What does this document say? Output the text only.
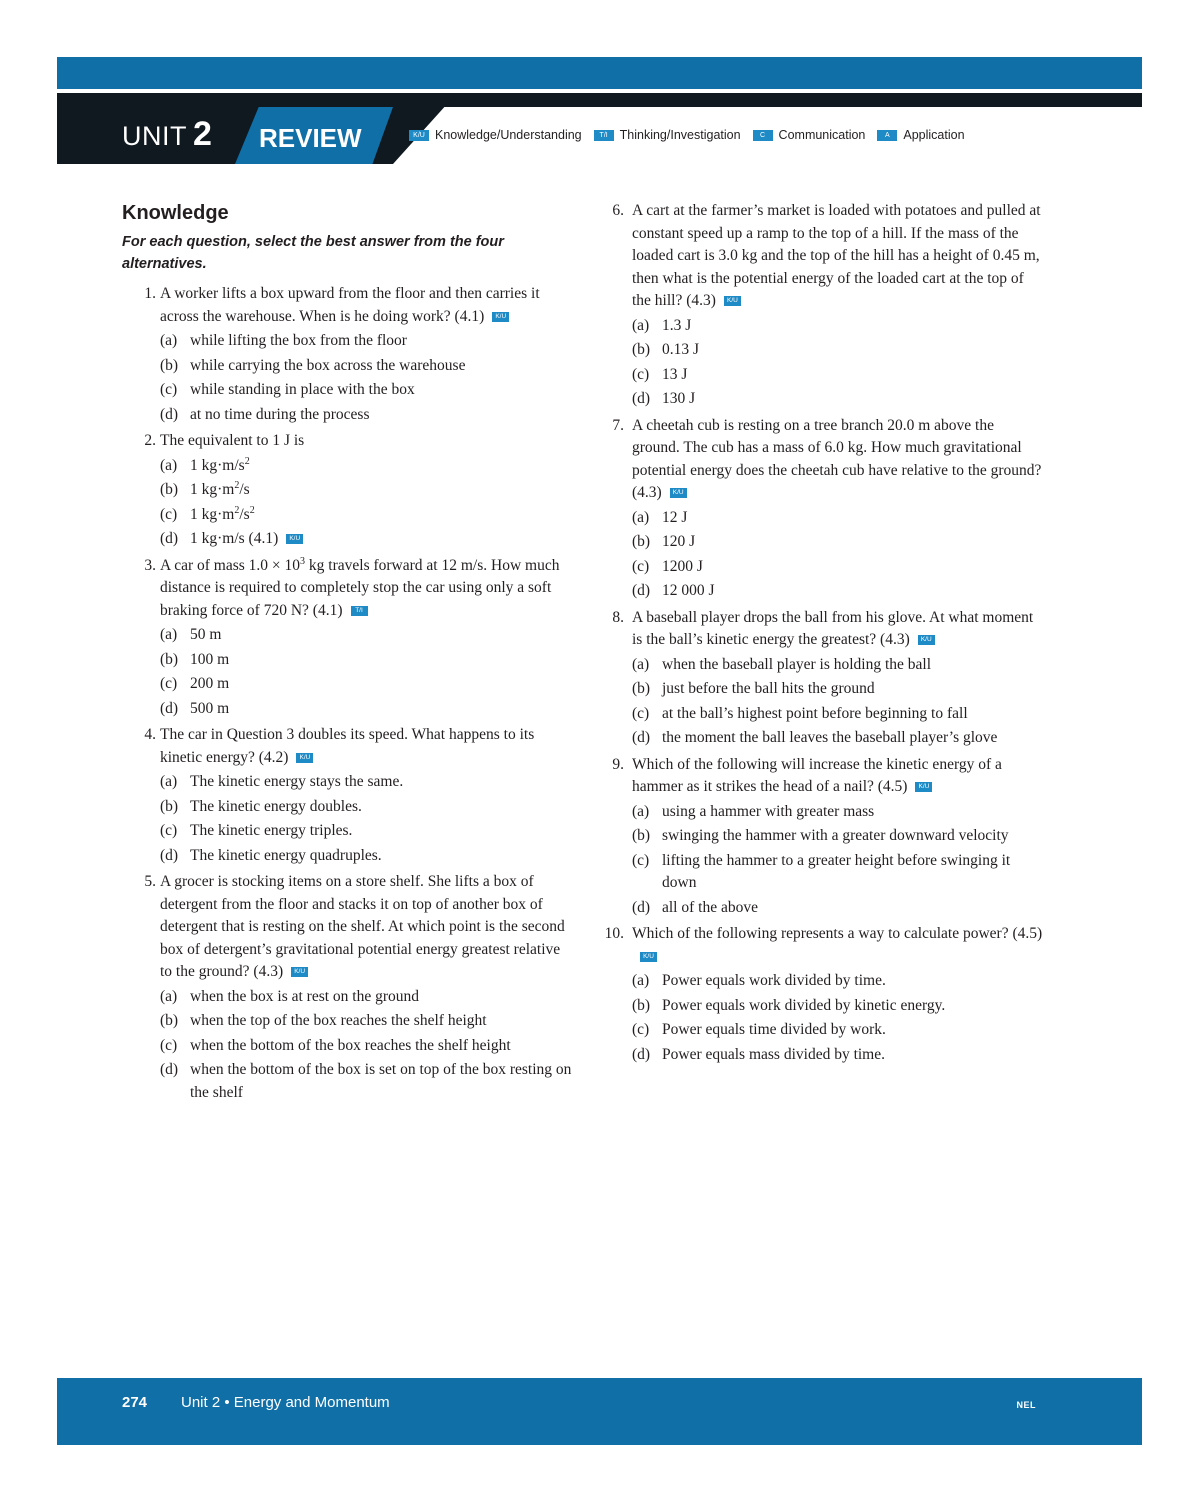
UNIT 2 REVIEW	K/U Knowledge/Understanding	T/I Thinking/Investigation	C	Communication	A	Application
Knowledge
For each question, select the best answer from the four alternatives.
1. A worker lifts a box upward from the floor and then carries it across the warehouse. When is he doing work? (4.1) K/U
(a) while lifting the box from the floor
(b) while carrying the box across the warehouse
(c) while standing in place with the box
(d) at no time during the process
2. The equivalent to 1 J is
(a) 1 $kg\cdot m/s^2$
(b) 1 $kg\cdot m^2/s$
(c) 1 $kg\cdot m^2/s^2$
(d) 1 kg·m/s (4.1) K/U
3. A car of mass $1.0 \times 10^3$ kg travels forward at 12 m/s. How much distance is required to completely stop the car using only a soft braking force of 720 N? (4.1) T/I
(a) 50 m
(b) 100 m
(c) 200 m
(d) 500 m
4. The car in Question 3 doubles its speed. What happens to its kinetic energy? (4.2) K/U
(a) The kinetic energy stays the same.
(b) The kinetic energy doubles.
(c) The kinetic energy triples.
(d) The kinetic energy quadruples.
5. A grocer is stocking items on a store shelf. She lifts a box of detergent from the floor and stacks it on top of another box of detergent that is resting on the shelf. At which point is the second box of detergent’s gravitational potential energy greatest relative to the ground? (4.3) K/U
(a) when the box is at rest on the ground
(b) when the top of the box reaches the shelf height
(c) when the bottom of the box reaches the shelf height
(d) when the bottom of the box is set on top of the box resting on the shelf
6. A cart at the farmer’s market is loaded with potatoes and pulled at constant speed up a ramp to the top of a hill. If the mass of the loaded cart is 3.0 kg and the top of the hill has a height of 0.45 m, then what is the potential energy of the loaded cart at the top of the hill? (4.3) K/U
(a) 1.3 J
(b) 0.13 J
(c) 13 J
(d) 130 J
7. A cheetah cub is resting on a tree branch 20.0 m above the ground. The cub has a mass of 6.0 kg. How much gravitational potential energy does the cheetah cub have relative to the ground? (4.3) K/U
(a) 12 J
(b) 120 J
(c) 1200 J
(d) 12 000 J
8. A baseball player drops the ball from his glove. At what moment is the ball’s kinetic energy the greatest? (4.3) K/U
(a) when the baseball player is holding the ball
(b) just before the ball hits the ground
(c) at the ball’s highest point before beginning to fall
(d) the moment the ball leaves the baseball player’s glove
9. Which of the following will increase the kinetic energy of a hammer as it strikes the head of a nail? (4.5) K/U
(a) using a hammer with greater mass
(b) swinging the hammer with a greater downward velocity
(c) lifting the hammer to a greater height before swinging it down
(d) all of the above
10. Which of the following represents a way to calculate power? (4.5)K/U
(a) Power equals work divided by time.
(b) Power equals work divided by kinetic energy.
(c) Power equals time divided by work.
(d) Power equals mass divided by time.
274 Unit 2 • Energy and Momentum	NEL
